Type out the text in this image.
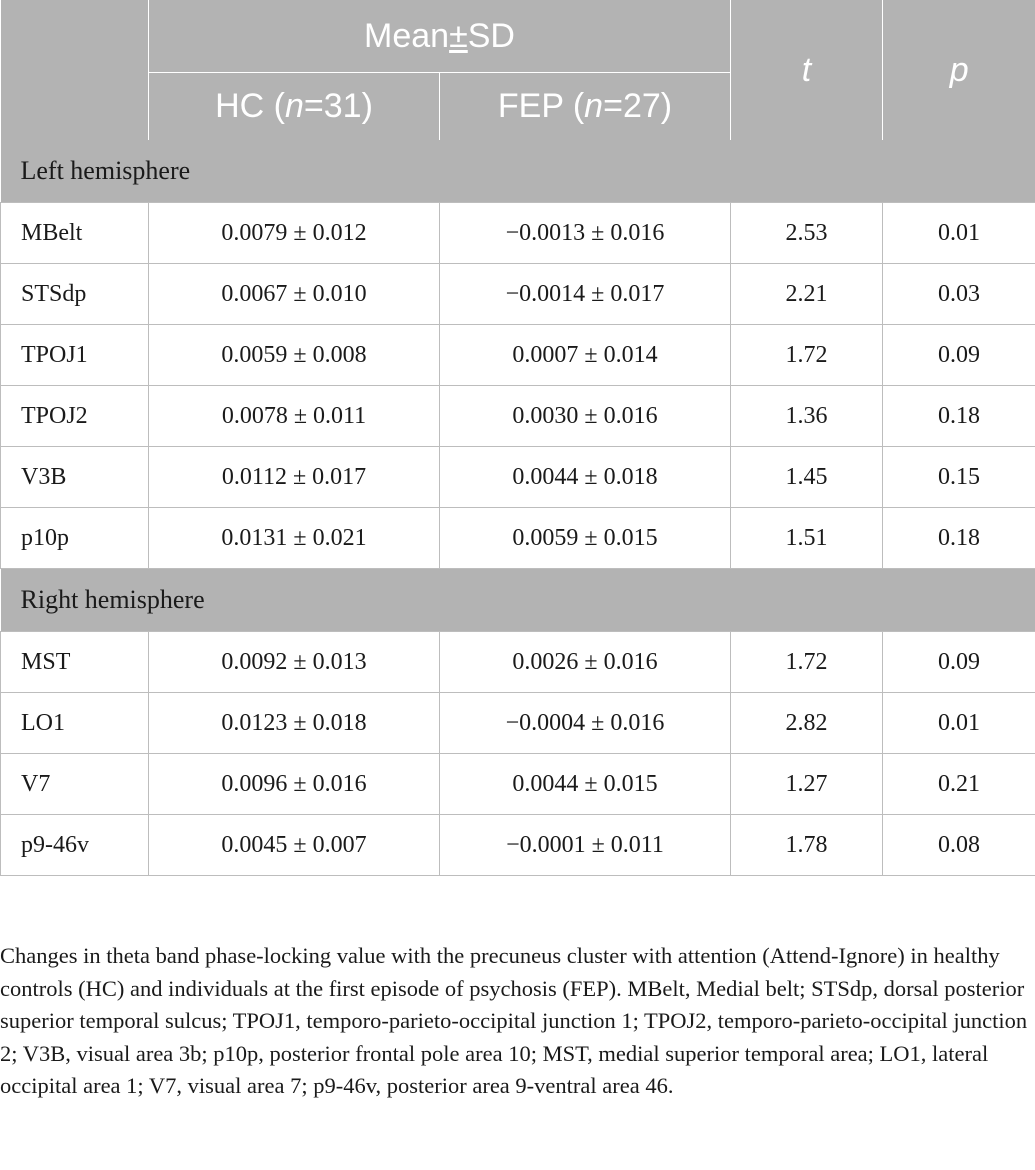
	Mean±SD		t	p
	HC (n=31)	FEP (n=27)		
Left hemisphere				
MBelt	0.0079 ± 0.012	−0.0013 ± 0.016	2.53	0.01
STSdp	0.0067 ± 0.010	−0.0014 ± 0.017	2.21	0.03
TPOJ1	0.0059 ± 0.008	0.0007 ± 0.014	1.72	0.09
TPOJ2	0.0078 ± 0.011	0.0030 ± 0.016	1.36	0.18
V3B	0.0112 ± 0.017	0.0044 ± 0.018	1.45	0.15
p10p	0.0131 ± 0.021	0.0059 ± 0.015	1.51	0.18
Right hemisphere				
MST	0.0092 ± 0.013	0.0026 ± 0.016	1.72	0.09
LO1	0.0123 ± 0.018	−0.0004 ± 0.016	2.82	0.01
V7	0.0096 ± 0.016	0.0044 ± 0.015	1.27	0.21
p9-46v	0.0045 ± 0.007	−0.0001 ± 0.011	1.78	0.08

Changes in theta band phase-locking value with the precuneus cluster with attention (Attend-Ignore) in healthy controls (HC) and individuals at the first episode of psychosis (FEP). MBelt, Medial belt; STSdp, dorsal posterior superior temporal sulcus; TPOJ1, temporo-parieto-occipital junction 1; TPOJ2, temporo-parieto-occipital junction 2; V3B, visual area 3b; p10p, posterior frontal pole area 10; MST, medial superior temporal area; LO1, lateral occipital area 1; V7, visual area 7; p9-46v, posterior area 9-ventral area 46.
